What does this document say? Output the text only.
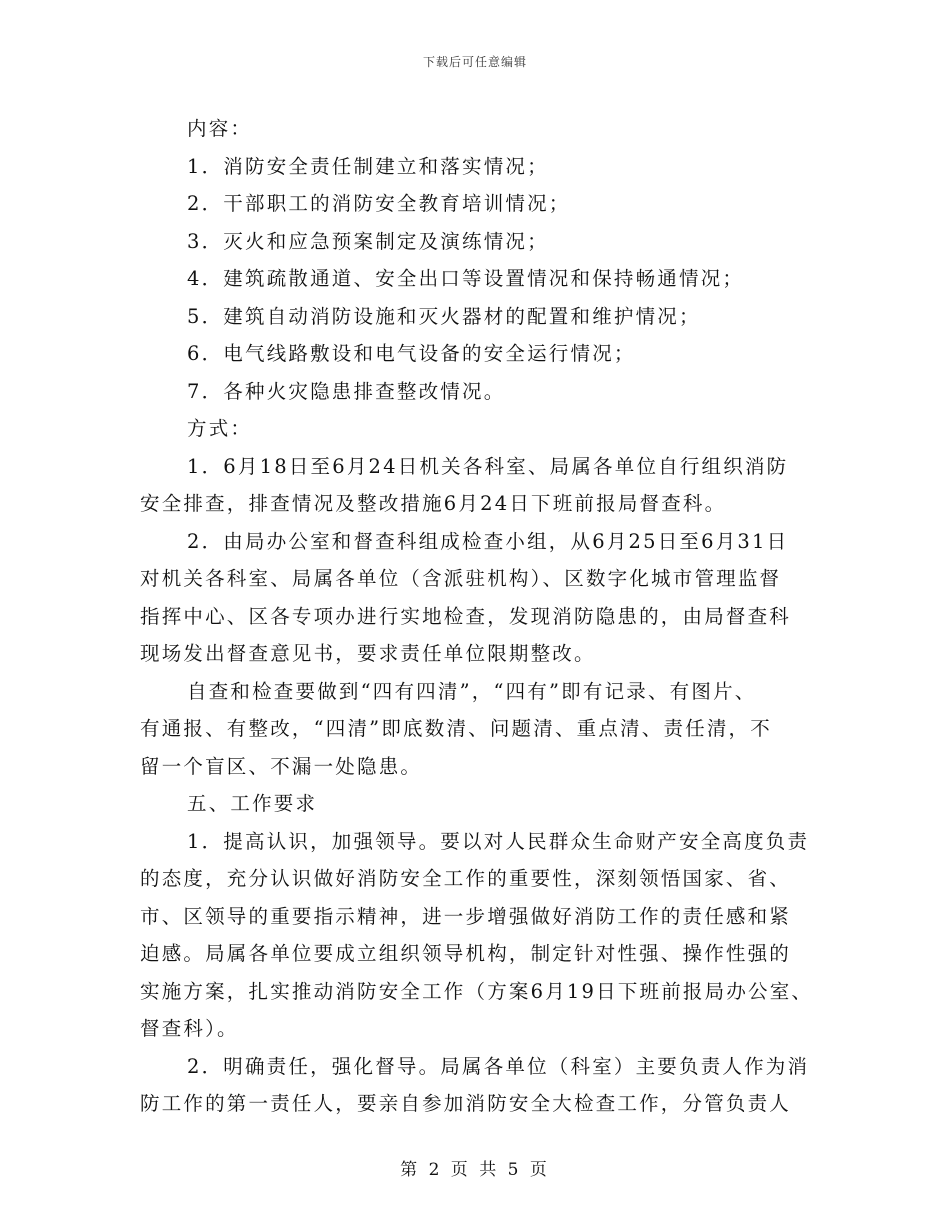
下载后可任意编辑
内容：
1．消防安全责任制建立和落实情况；
2．干部职工的消防安全教育培训情况；
3．灭火和应急预案制定及演练情况；
4．建筑疏散通道、安全出口等设置情况和保持畅通情况；
5．建筑自动消防设施和灭火器材的配置和维护情况；
6．电气线路敷设和电气设备的安全运行情况；
7．各种火灾隐患排查整改情况。
方式：
1．6月18日至6月24日机关各科室、局属各单位自行组织消防
安全排查，排查情况及整改措施6月24日下班前报局督查科。
2．由局办公室和督查科组成检查小组，从6月25日至6月31日
对机关各科室、局属各单位（含派驻机构）、区数字化城市管理监督
指挥中心、区各专项办进行实地检查，发现消防隐患的，由局督查科
现场发出督查意见书，要求责任单位限期整改。
自查和检查要做到“四有四清”，“四有”即有记录、有图片、
有通报、有整改，“四清”即底数清、问题清、重点清、责任清，不
留一个盲区、不漏一处隐患。
五、工作要求
1．提高认识，加强领导。要以对人民群众生命财产安全高度负责
的态度，充分认识做好消防安全工作的重要性，深刻领悟国家、省、
市、区领导的重要指示精神，进一步增强做好消防工作的责任感和紧
迫感。局属各单位要成立组织领导机构，制定针对性强、操作性强的
实施方案，扎实推动消防安全工作（方案6月19日下班前报局办公室、
督查科）。
2．明确责任，强化督导。局属各单位（科室）主要负责人作为消
防工作的第一责任人，要亲自参加消防安全大检查工作，分管负责人
第 2 页 共 5 页
